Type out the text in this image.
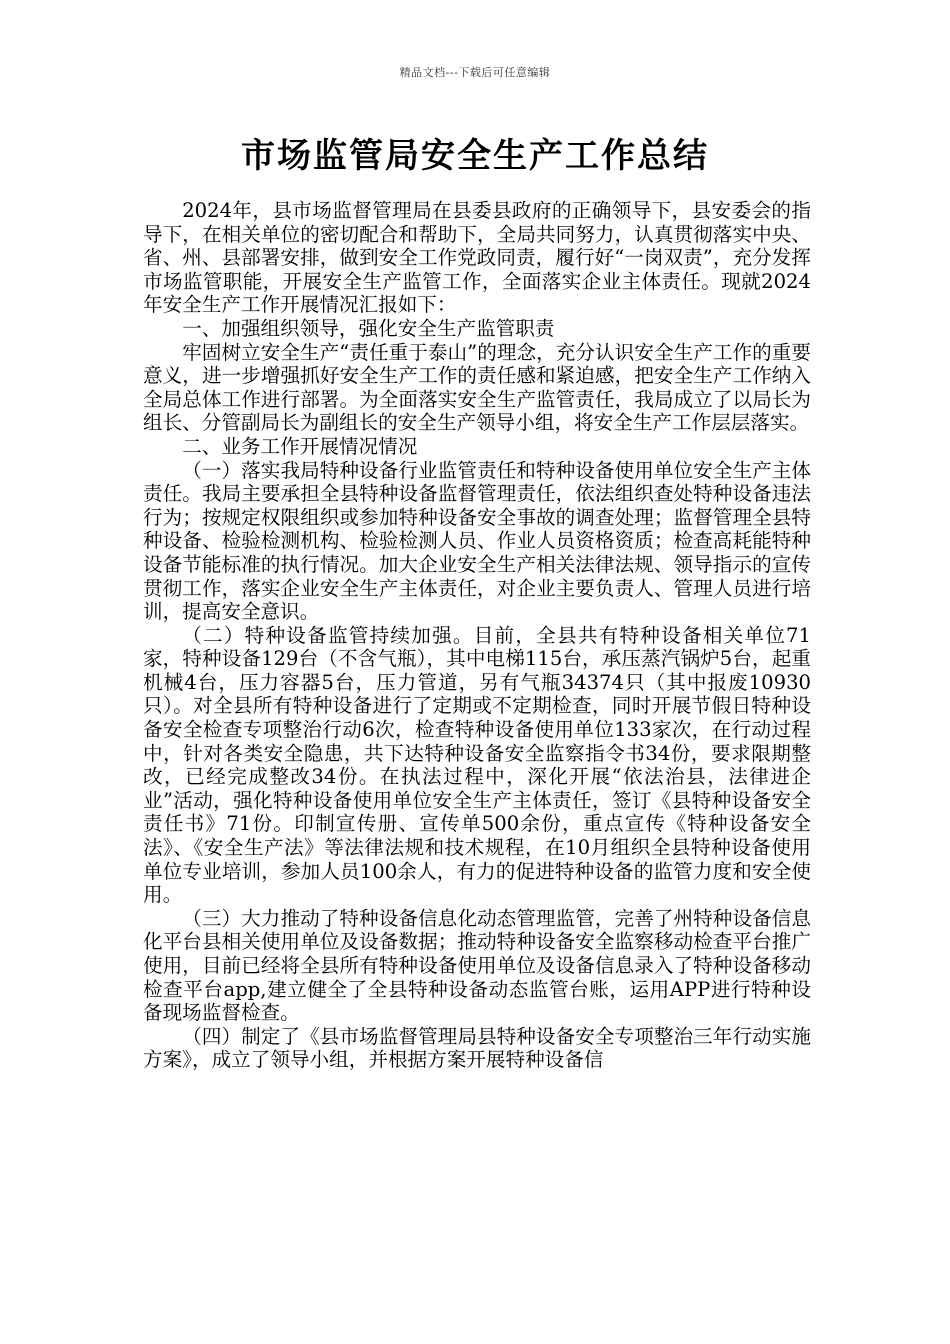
精品文档---下载后可任意编辑
市场监管局安全生产工作总结

2024年，县市场监督管理局在县委县政府的正确领导下，县安委会的指导下，在相关单位的密切配合和帮助下，全局共同努力，认真贯彻落实中央、省、州、县部署安排，做到安全工作党政同责，履行好“一岗双责”，充分发挥市场监管职能，开展安全生产监管工作，全面落实企业主体责任。现就2024年安全生产工作开展情况汇报如下：

一、加强组织领导，强化安全生产监管职责

牢固树立安全生产“责任重于泰山”的理念，充分认识安全生产工作的重要意义，进一步增强抓好安全生产工作的责任感和紧迫感，把安全生产工作纳入全局总体工作进行部署。为全面落实安全生产监管责任，我局成立了以局长为组长、分管副局长为副组长的安全生产领导小组，将安全生产工作层层落实。

二、业务工作开展情况情况

（一）落实我局特种设备行业监管责任和特种设备使用单位安全生产主体责任。我局主要承担全县特种设备监督管理责任，依法组织查处特种设备违法行为；按规定权限组织或参加特种设备安全事故的调查处理；监督管理全县特种设备、检验检测机构、检验检测人员、作业人员资格资质；检查高耗能特种设备节能标准的执行情况。加大企业安全生产相关法律法规、领导指示的宣传贯彻工作，落实企业安全生产主体责任，对企业主要负责人、管理人员进行培训，提高安全意识。

（二）特种设备监管持续加强。目前，全县共有特种设备相关单位71家，特种设备129台（不含气瓶），其中电梯115台，承压蒸汽锅炉5台，起重机械4台，压力容器5台，压力管道，另有气瓶34374只（其中报废10930只）。对全县所有特种设备进行了定期或不定期检查，同时开展节假日特种设备安全检查专项整治行动6次，检查特种设备使用单位133家次，在行动过程中，针对各类安全隐患，共下达特种设备安全监察指令书34份，要求限期整改，已经完成整改34份。在执法过程中，深化开展“依法治县，法律进企业”活动，强化特种设备使用单位安全生产主体责任，签订《县特种设备安全责任书》71份。印制宣传册、宣传单500余份，重点宣传《特种设备安全法》、《安全生产法》等法律法规和技术规程，在10月组织全县特种设备使用单位专业培训，参加人员100余人，有力的促进特种设备的监管力度和安全使用。

（三）大力推动了特种设备信息化动态管理监管，完善了州特种设备信息化平台县相关使用单位及设备数据；推动特种设备安全监察移动检查平台推广使用，目前已经将全县所有特种设备使用单位及设备信息录入了特种设备移动检查平台app,建立健全了全县特种设备动态监管台账，运用APP进行特种设备现场监督检查。

（四）制定了《县市场监督管理局县特种设备安全专项整治三年行动实施方案》，成立了领导小组，并根据方案开展特种设备信
